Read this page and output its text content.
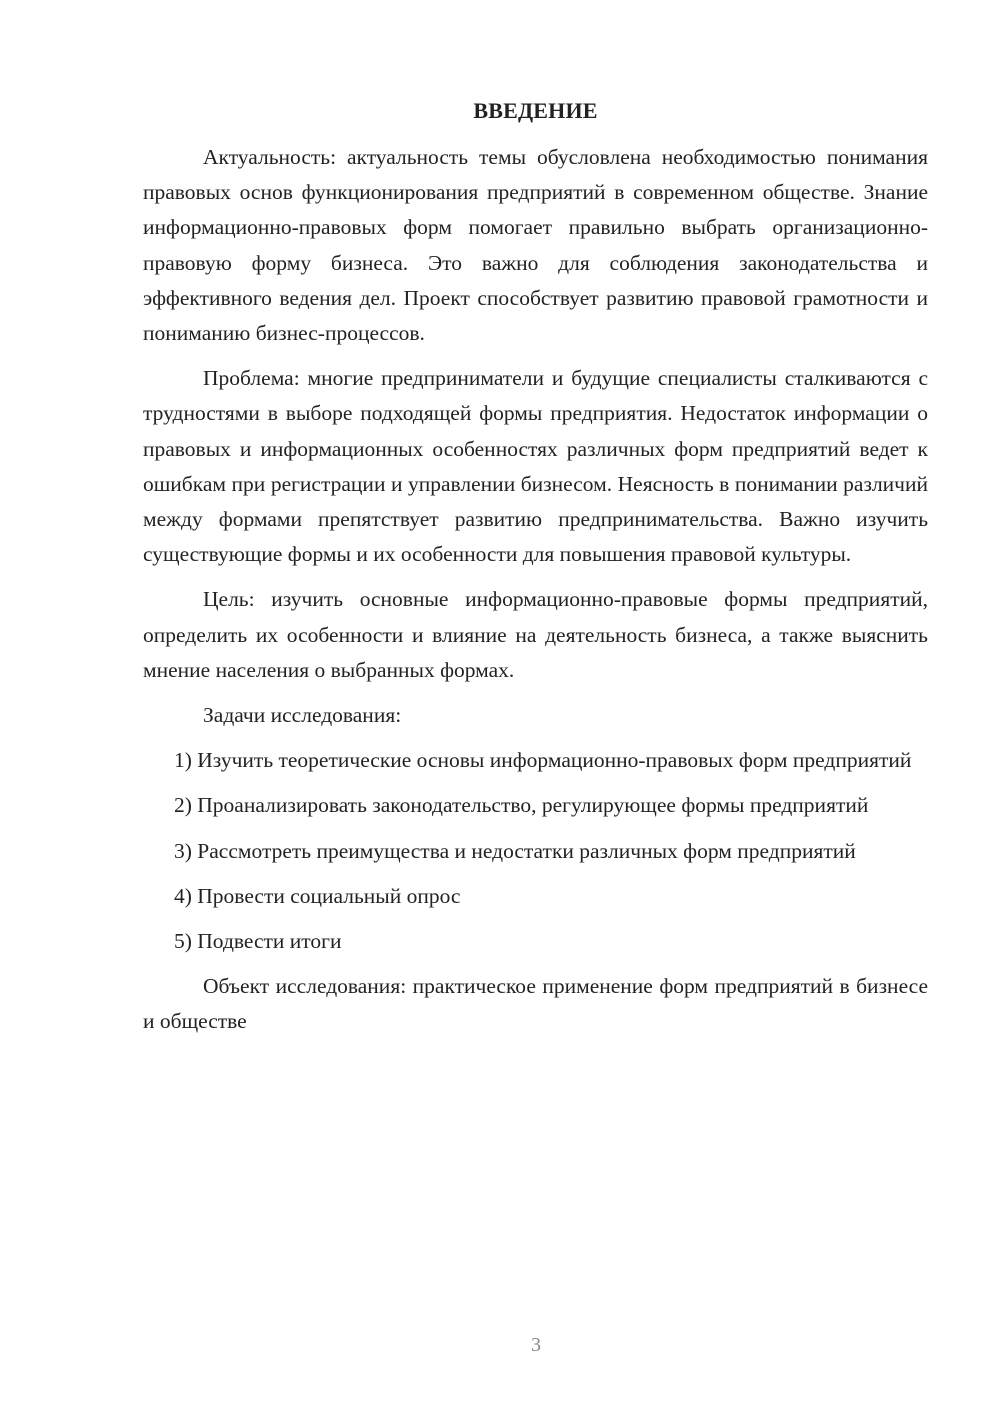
ВВЕДЕНИЕ

Актуальность: актуальность темы обусловлена необходимостью понимания правовых основ функционирования предприятий в современном обществе. Знание информационно-правовых форм помогает правильно выбрать организационно-правовую форму бизнеса. Это важно для соблюдения законодательства и эффективного ведения дел. Проект способствует развитию правовой грамотности и пониманию бизнес-процессов.

Проблема: многие предприниматели и будущие специалисты сталкиваются с трудностями в выборе подходящей формы предприятия. Недостаток информации о правовых и информационных особенностях различных форм предприятий ведет к ошибкам при регистрации и управлении бизнесом. Неясность в понимании различий между формами препятствует развитию предпринимательства. Важно изучить существующие формы и их особенности для повышения правовой культуры.

Цель: изучить основные информационно-правовые формы предприятий, определить их особенности и влияние на деятельность бизнеса, а также выяснить мнение населения о выбранных формах.

Задачи исследования:

1) Изучить теоретические основы информационно-правовых форм предприятий

2) Проанализировать законодательство, регулирующее формы предприятий

3) Рассмотреть преимущества и недостатки различных форм предприятий

4) Провести социальный опрос

5) Подвести итоги

Объект исследования: практическое применение форм предприятий в бизнесе и обществе

3
